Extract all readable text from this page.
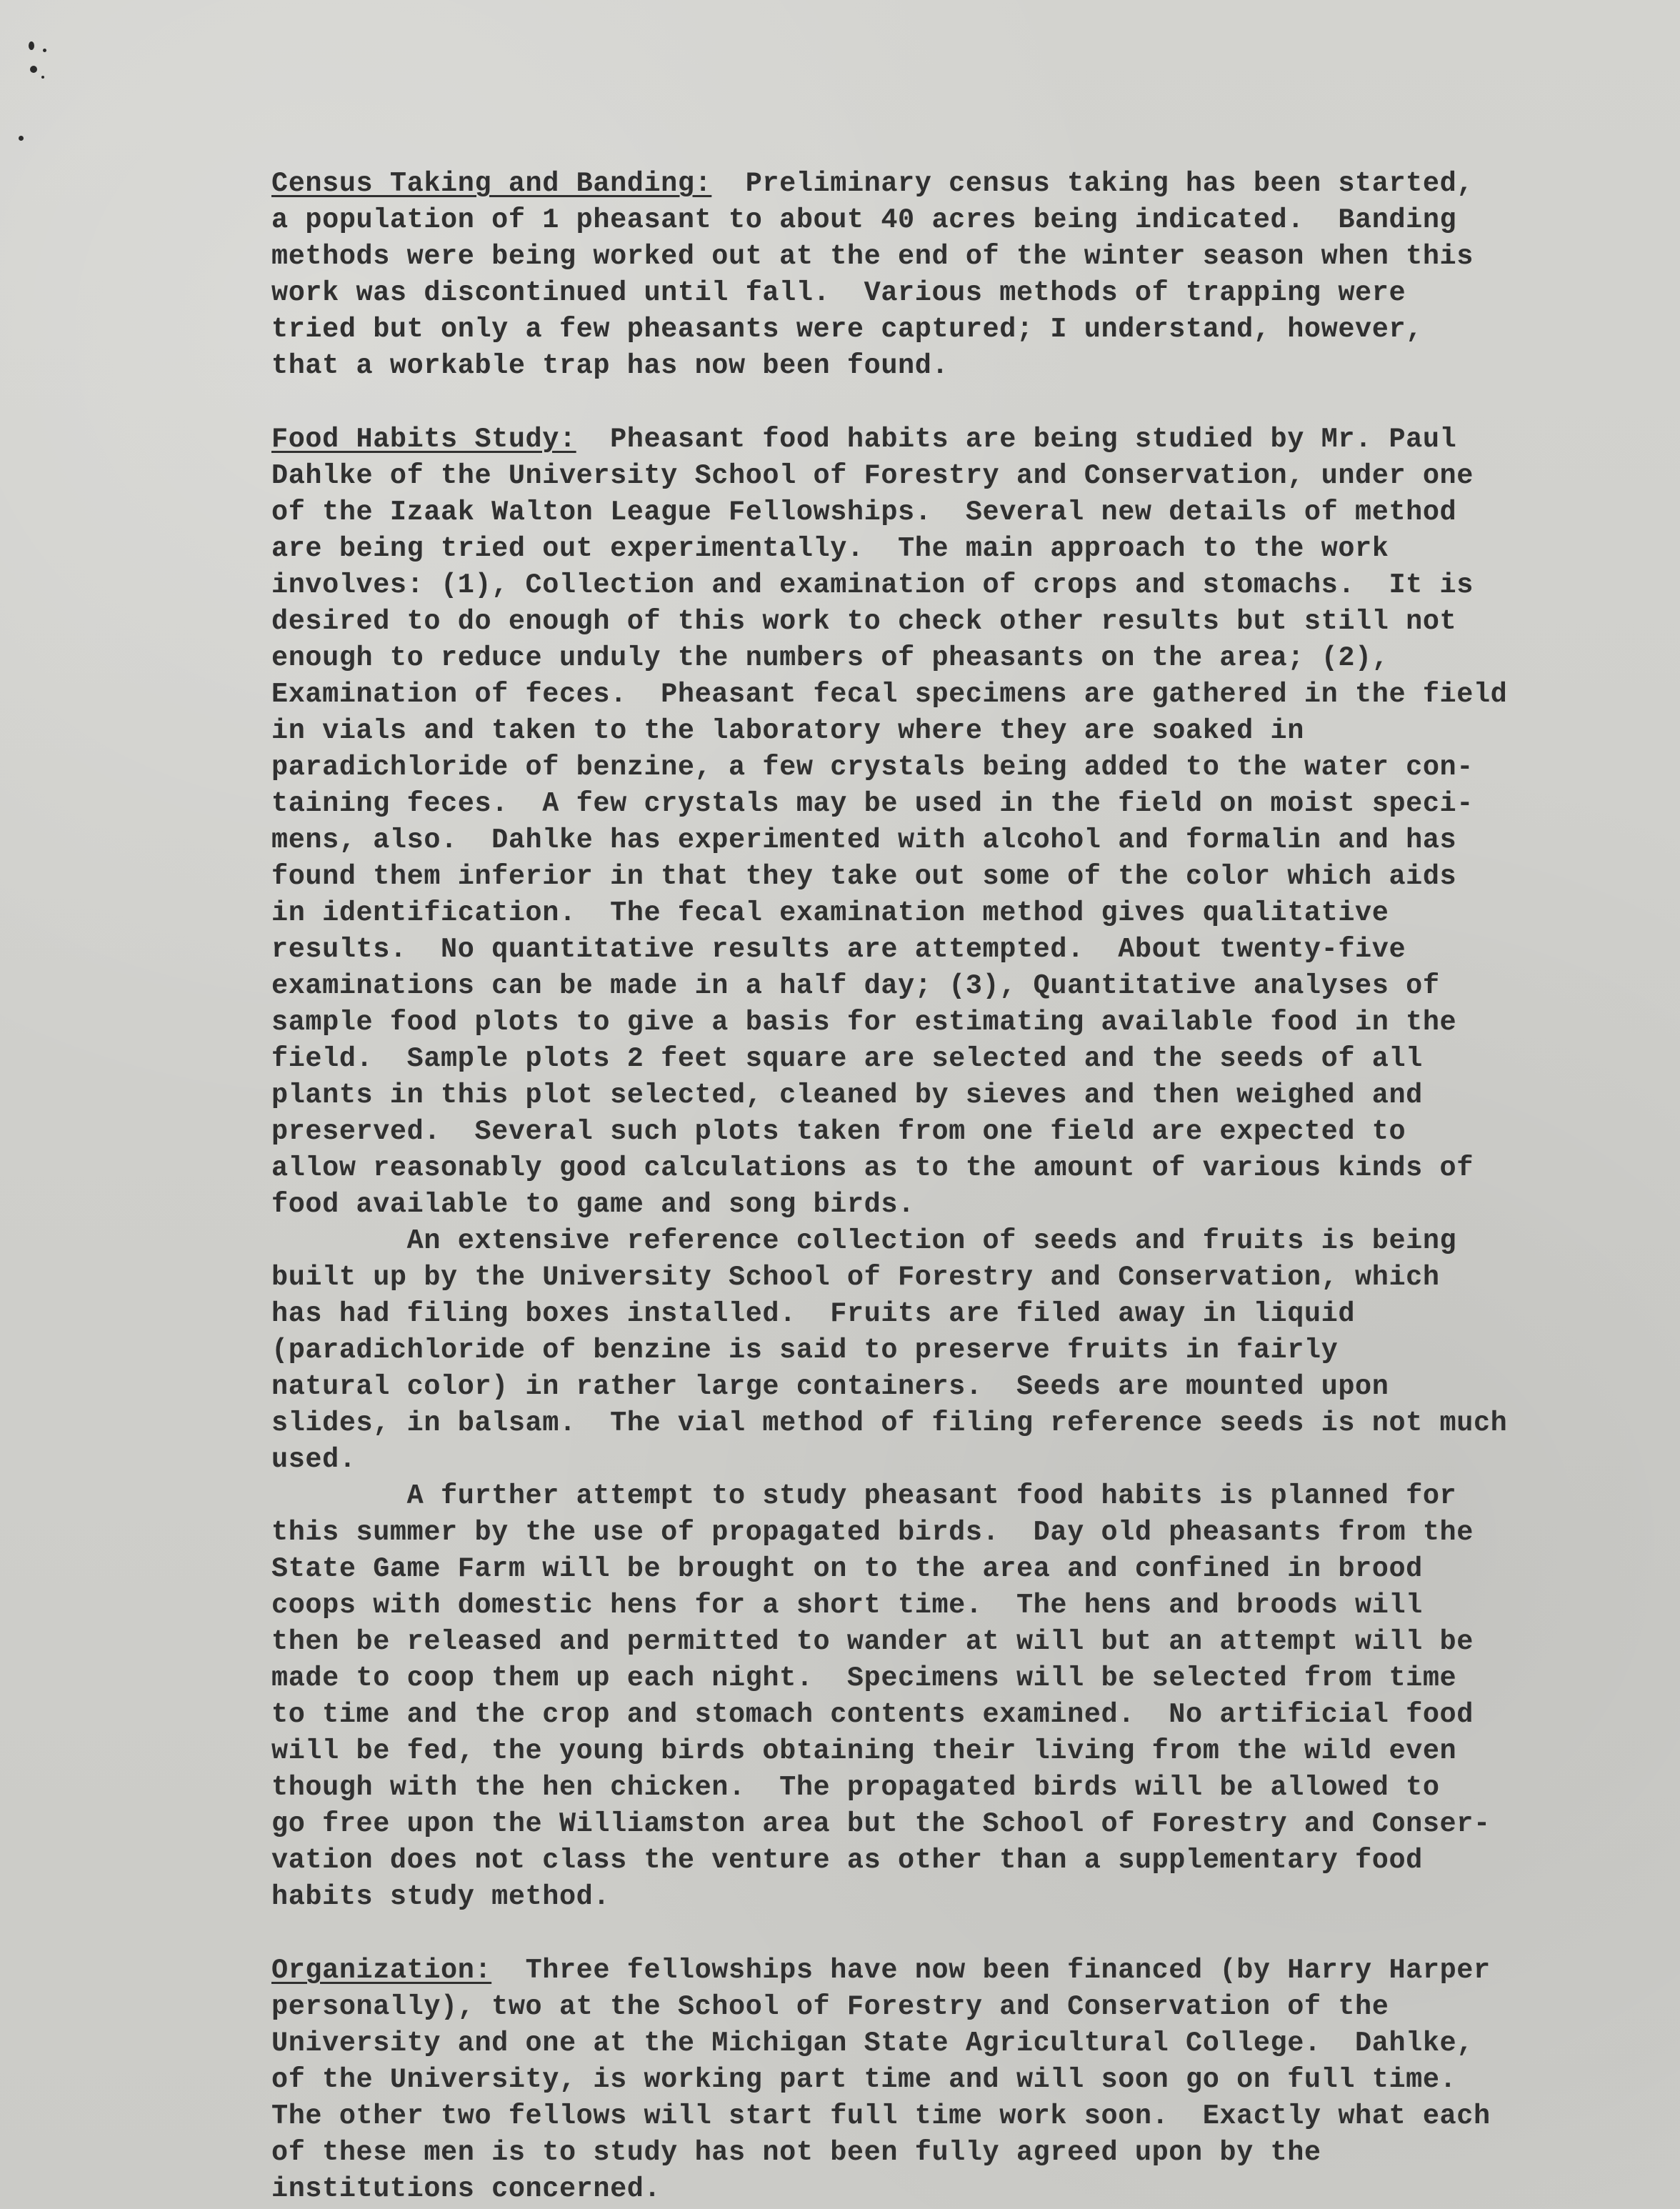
Census Taking and Banding:  Preliminary census taking has been started,
a population of 1 pheasant to about 40 acres being indicated.  Banding
methods were being worked out at the end of the winter season when this
work was discontinued until fall.  Various methods of trapping were
tried but only a few pheasants were captured; I understand, however,
that a workable trap has now been found.
Food Habits Study:  Pheasant food habits are being studied by Mr. Paul
Dahlke of the University School of Forestry and Conservation, under one
of the Izaak Walton League Fellowships.  Several new details of method
are being tried out experimentally.  The main approach to the work
involves: (1), Collection and examination of crops and stomachs.  It is
desired to do enough of this work to check other results but still not
enough to reduce unduly the numbers of pheasants on the area; (2),
Examination of feces.  Pheasant fecal specimens are gathered in the field
in vials and taken to the laboratory where they are soaked in
paradichloride of benzine, a few crystals being added to the water con-
taining feces.  A few crystals may be used in the field on moist speci-
mens, also.  Dahlke has experimented with alcohol and formalin and has
found them inferior in that they take out some of the color which aids
in identification.  The fecal examination method gives qualitative
results.  No quantitative results are attempted.  About twenty-five
examinations can be made in a half day; (3), Quantitative analyses of
sample food plots to give a basis for estimating available food in the
field.  Sample plots 2 feet square are selected and the seeds of all
plants in this plot selected, cleaned by sieves and then weighed and
preserved.  Several such plots taken from one field are expected to
allow reasonably good calculations as to the amount of various kinds of
food available to game and song birds.
An extensive reference collection of seeds and fruits is being
built up by the University School of Forestry and Conservation, which
has had filing boxes installed.  Fruits are filed away in liquid
(paradichloride of benzine is said to preserve fruits in fairly
natural color) in rather large containers.  Seeds are mounted upon
slides, in balsam.  The vial method of filing reference seeds is not much
used.
A further attempt to study pheasant food habits is planned for
this summer by the use of propagated birds.  Day old pheasants from the
State Game Farm will be brought on to the area and confined in brood
coops with domestic hens for a short time.  The hens and broods will
then be released and permitted to wander at will but an attempt will be
made to coop them up each night.  Specimens will be selected from time
to time and the crop and stomach contents examined.  No artificial food
will be fed, the young birds obtaining their living from the wild even
though with the hen chicken.  The propagated birds will be allowed to
go free upon the Williamston area but the School of Forestry and Conser-
vation does not class the venture as other than a supplementary food
habits study method.
Organization:  Three fellowships have now been financed (by Harry Harper
personally), two at the School of Forestry and Conservation of the
University and one at the Michigan State Agricultural College.  Dahlke,
of the University, is working part time and will soon go on full time.
The other two fellows will start full time work soon.  Exactly what each
of these men is to study has not been fully agreed upon by the
institutions concerned.
